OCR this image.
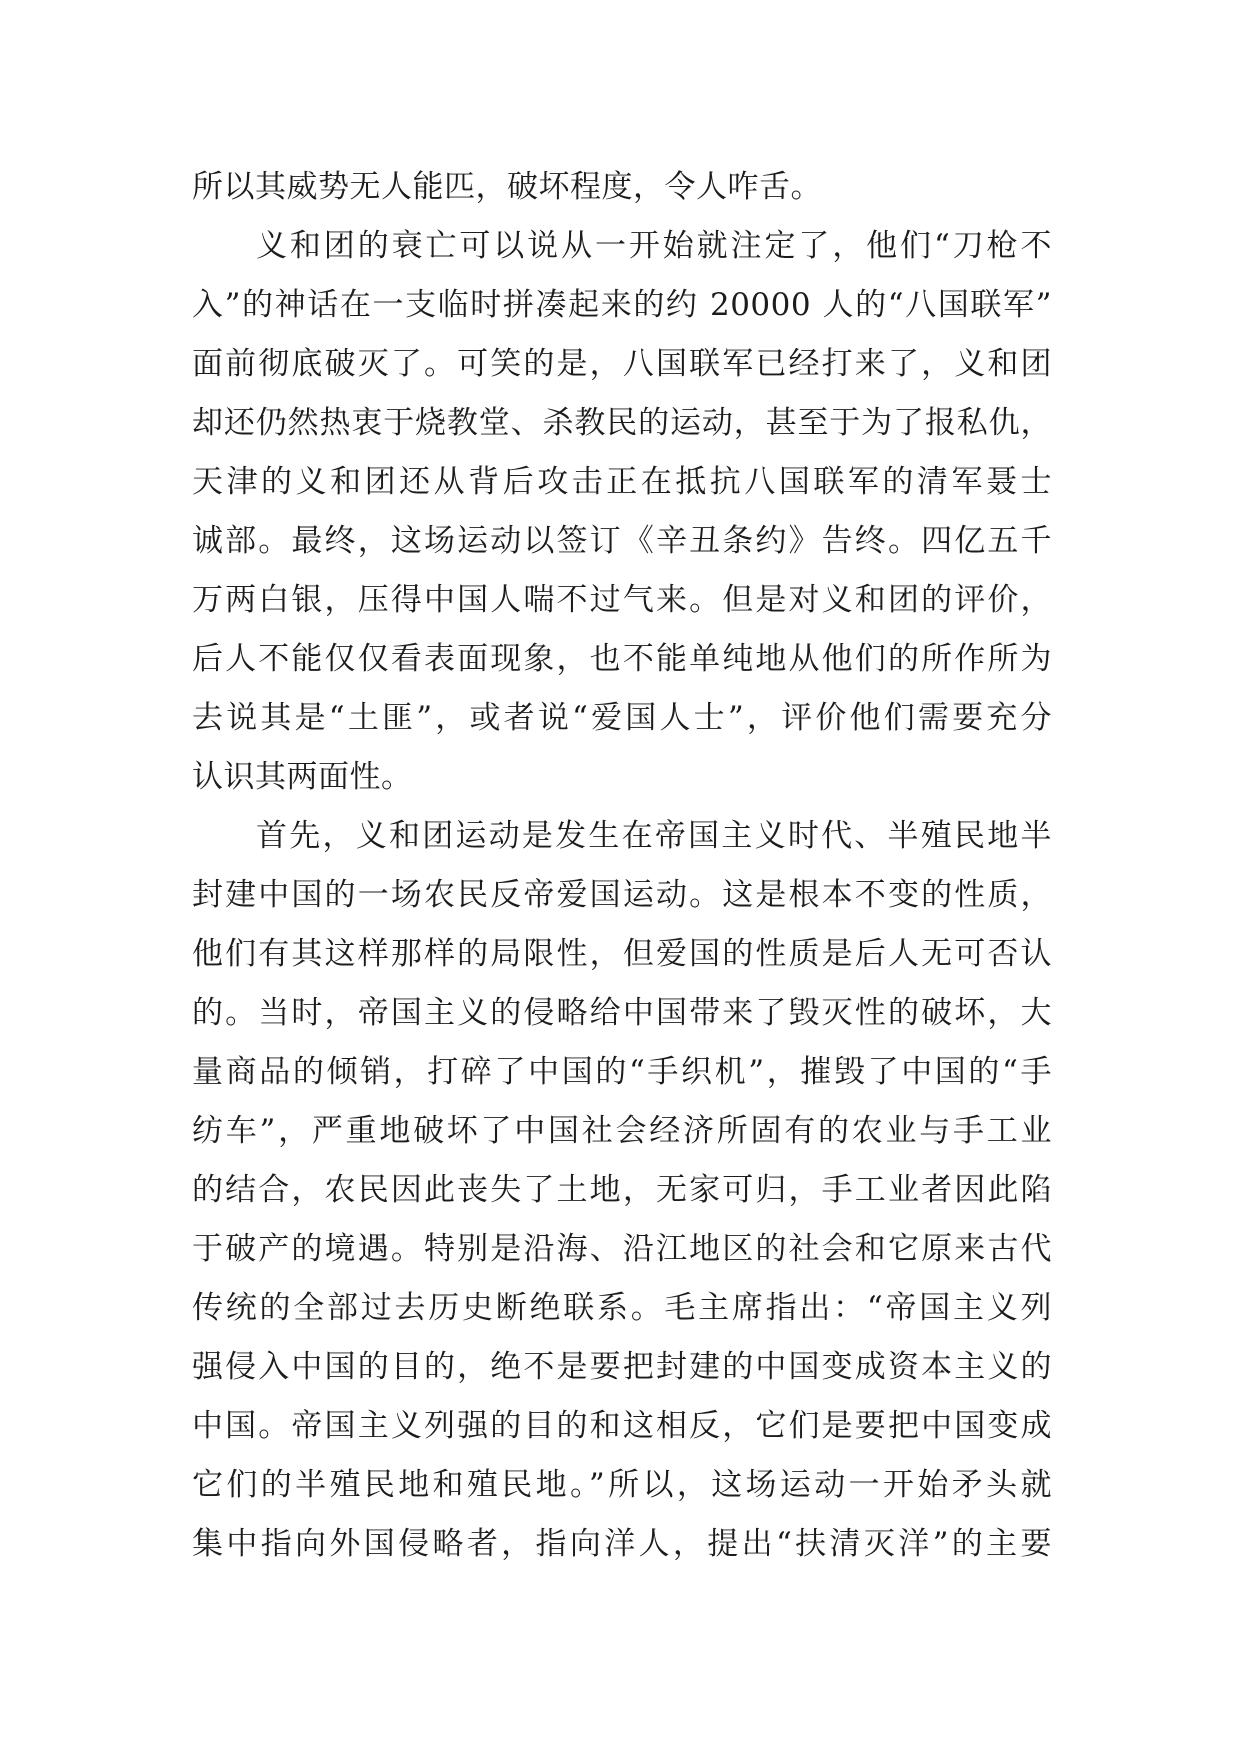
所以其威势无人能匹，破坏程度，令人咋舌。
义和团的衰亡可以说从一开始就注定了，他们“刀枪不
入”的神话在一支临时拼凑起来的约 20000 人的“八国联军”
面前彻底破灭了。可笑的是，八国联军已经打来了，义和团
却还仍然热衷于烧教堂、杀教民的运动，甚至于为了报私仇，
天津的义和团还从背后攻击正在抵抗八国联军的清军聂士
诚部。最终，这场运动以签订《辛丑条约》告终。四亿五千
万两白银，压得中国人喘不过气来。但是对义和团的评价，
后人不能仅仅看表面现象，也不能单纯地从他们的所作所为
去说其是“土匪”，或者说“爱国人士”，评价他们需要充分
认识其两面性。
首先，义和团运动是发生在帝国主义时代、半殖民地半
封建中国的一场农民反帝爱国运动。这是根本不变的性质，
他们有其这样那样的局限性，但爱国的性质是后人无可否认
的。当时，帝国主义的侵略给中国带来了毁灭性的破坏，大
量商品的倾销，打碎了中国的“手织机”，摧毁了中国的“手
纺车”，严重地破坏了中国社会经济所固有的农业与手工业
的结合，农民因此丧失了土地，无家可归，手工业者因此陷
于破产的境遇。特别是沿海、沿江地区的社会和它原来古代
传统的全部过去历史断绝联系。毛主席指出：“帝国主义列
强侵入中国的目的，绝不是要把封建的中国变成资本主义的
中国。帝国主义列强的目的和这相反，它们是要把中国变成
它们的半殖民地和殖民地。”所以，这场运动一开始矛头就
集中指向外国侵略者，指向洋人，提出“扶清灭洋”的主要
